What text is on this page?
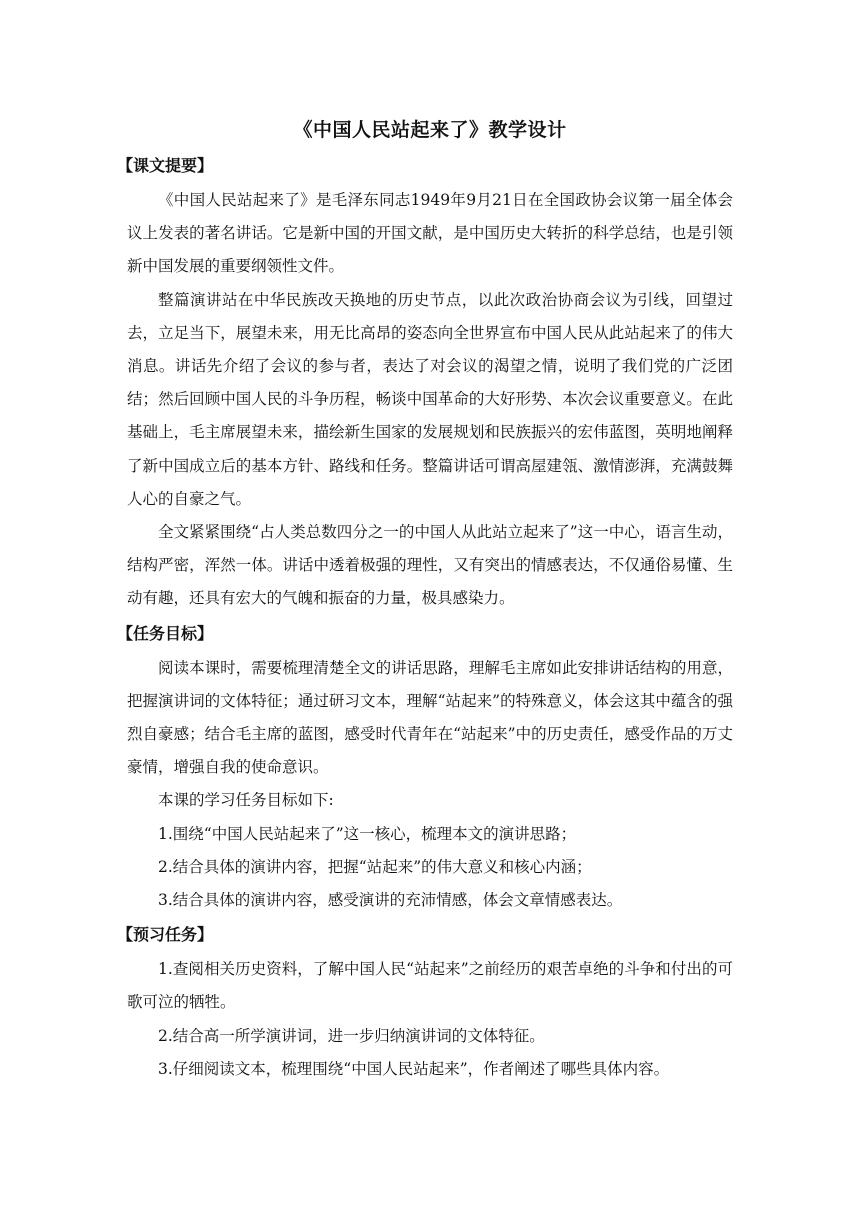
《中国人民站起来了》教学设计
【课文提要】

《中国人民站起来了》是毛泽东同志1949年9月21日在全国政协会议第一届全体会议上发表的著名讲话。它是新中国的开国文献，是中国历史大转折的科学总结，也是引领新中国发展的重要纲领性文件。

整篇演讲站在中华民族改天换地的历史节点，以此次政治协商会议为引线，回望过去，立足当下，展望未来，用无比高昂的姿态向全世界宣布中国人民从此站起来了的伟大消息。讲话先介绍了会议的参与者，表达了对会议的渴望之情，说明了我们党的广泛团结；然后回顾中国人民的斗争历程，畅谈中国革命的大好形势、本次会议重要意义。在此基础上，毛主席展望未来，描绘新生国家的发展规划和民族振兴的宏伟蓝图，英明地阐释了新中国成立后的基本方针、路线和任务。整篇讲话可谓高屋建瓴、激情澎湃，充满鼓舞人心的自豪之气。

全文紧紧围绕“占人类总数四分之一的中国人从此站立起来了”这一中心，语言生动，结构严密，浑然一体。讲话中透着极强的理性，又有突出的情感表达，不仅通俗易懂、生动有趣，还具有宏大的气魄和振奋的力量，极具感染力。

【任务目标】

阅读本课时，需要梳理清楚全文的讲话思路，理解毛主席如此安排讲话结构的用意，把握演讲词的文体特征；通过研习文本，理解“站起来”的特殊意义，体会这其中蕴含的强烈自豪感；结合毛主席的蓝图，感受时代青年在“站起来”中的历史责任，感受作品的万丈豪情，增强自我的使命意识。

本课的学习任务目标如下:

1.围绕“中国人民站起来了”这一核心，梳理本文的演讲思路；

2.结合具体的演讲内容，把握“站起来”的伟大意义和核心内涵；

3.结合具体的演讲内容，感受演讲的充沛情感，体会文章情感表达。

【预习任务】

1.查阅相关历史资料，了解中国人民“站起来”之前经历的艰苦卓绝的斗争和付出的可歌可泣的牺牲。

2.结合高一所学演讲词，进一步归纳演讲词的文体特征。

3.仔细阅读文本，梳理围绕“中国人民站起来”，作者阐述了哪些具体内容。
